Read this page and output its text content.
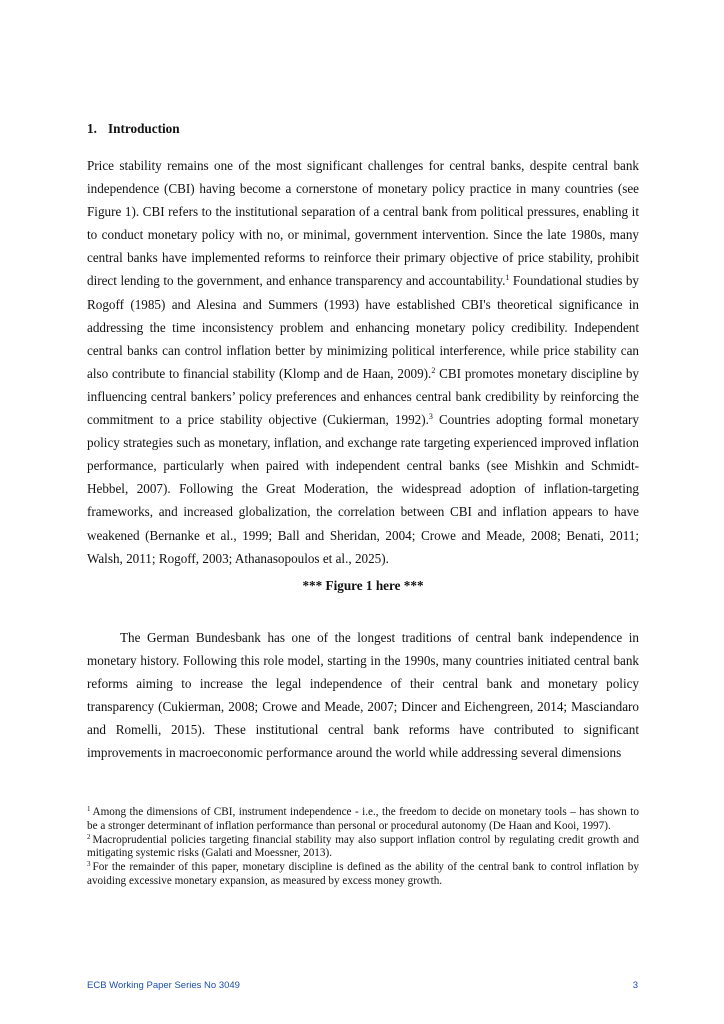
1. Introduction

Price stability remains one of the most significant challenges for central banks, despite central bank independence (CBI) having become a cornerstone of monetary policy practice in many countries (see Figure 1). CBI refers to the institutional separation of a central bank from political pressures, enabling it to conduct monetary policy with no, or minimal, government intervention. Since the late 1980s, many central banks have implemented reforms to reinforce their primary objective of price stability, prohibit direct lending to the government, and enhance transparency and accountability.$^1$ Foundational studies by Rogoff (1985) and Alesina and Summers (1993) have established CBI's theoretical significance in addressing the time inconsistency problem and enhancing monetary policy credibility. Independent central banks can control inflation better by minimizing political interference, while price stability can also contribute to financial stability (Klomp and de Haan, 2009).$^2$ CBI promotes monetary discipline by influencing central bankers’ policy preferences and enhances central bank credibility by reinforcing the commitment to a price stability objective (Cukierman, 1992).$^3$ Countries adopting formal monetary policy strategies such as monetary, inflation, and exchange rate targeting experienced improved inflation performance, particularly when paired with independent central banks (see Mishkin and Schmidt-Hebbel, 2007). Following the Great Moderation, the widespread adoption of inflation-targeting frameworks, and increased globalization, the correlation between CBI and inflation appears to have weakened (Bernanke et al., 1999; Ball and Sheridan, 2004; Crowe and Meade, 2008; Benati, 2011; Walsh, 2011; Rogoff, 2003; Athanasopoulos et al., 2025).

*** Figure 1 here ***

The German Bundesbank has one of the longest traditions of central bank independence in monetary history. Following this role model, starting in the 1990s, many countries initiated central bank reforms aiming to increase the legal independence of their central bank and monetary policy transparency (Cukierman, 2008; Crowe and Meade, 2007; Dincer and Eichengreen, 2014; Masciandaro and Romelli, 2015). These institutional central bank reforms have contributed to significant improvements in macroeconomic performance around the world while addressing several dimensions

$^1$ Among the dimensions of CBI, instrument independence - i.e., the freedom to decide on monetary tools – has shown to be a stronger determinant of inflation performance than personal or procedural autonomy (De Haan and Kooi, 1997).

$^2$ Macroprudential policies targeting financial stability may also support inflation control by regulating credit growth and mitigating systemic risks (Galati and Moessner, 2013).

$^3$ For the remainder of this paper, monetary discipline is defined as the ability of the central bank to control inflation by avoiding excessive monetary expansion, as measured by excess money growth.

ECB Working Paper Series No 3049	3
